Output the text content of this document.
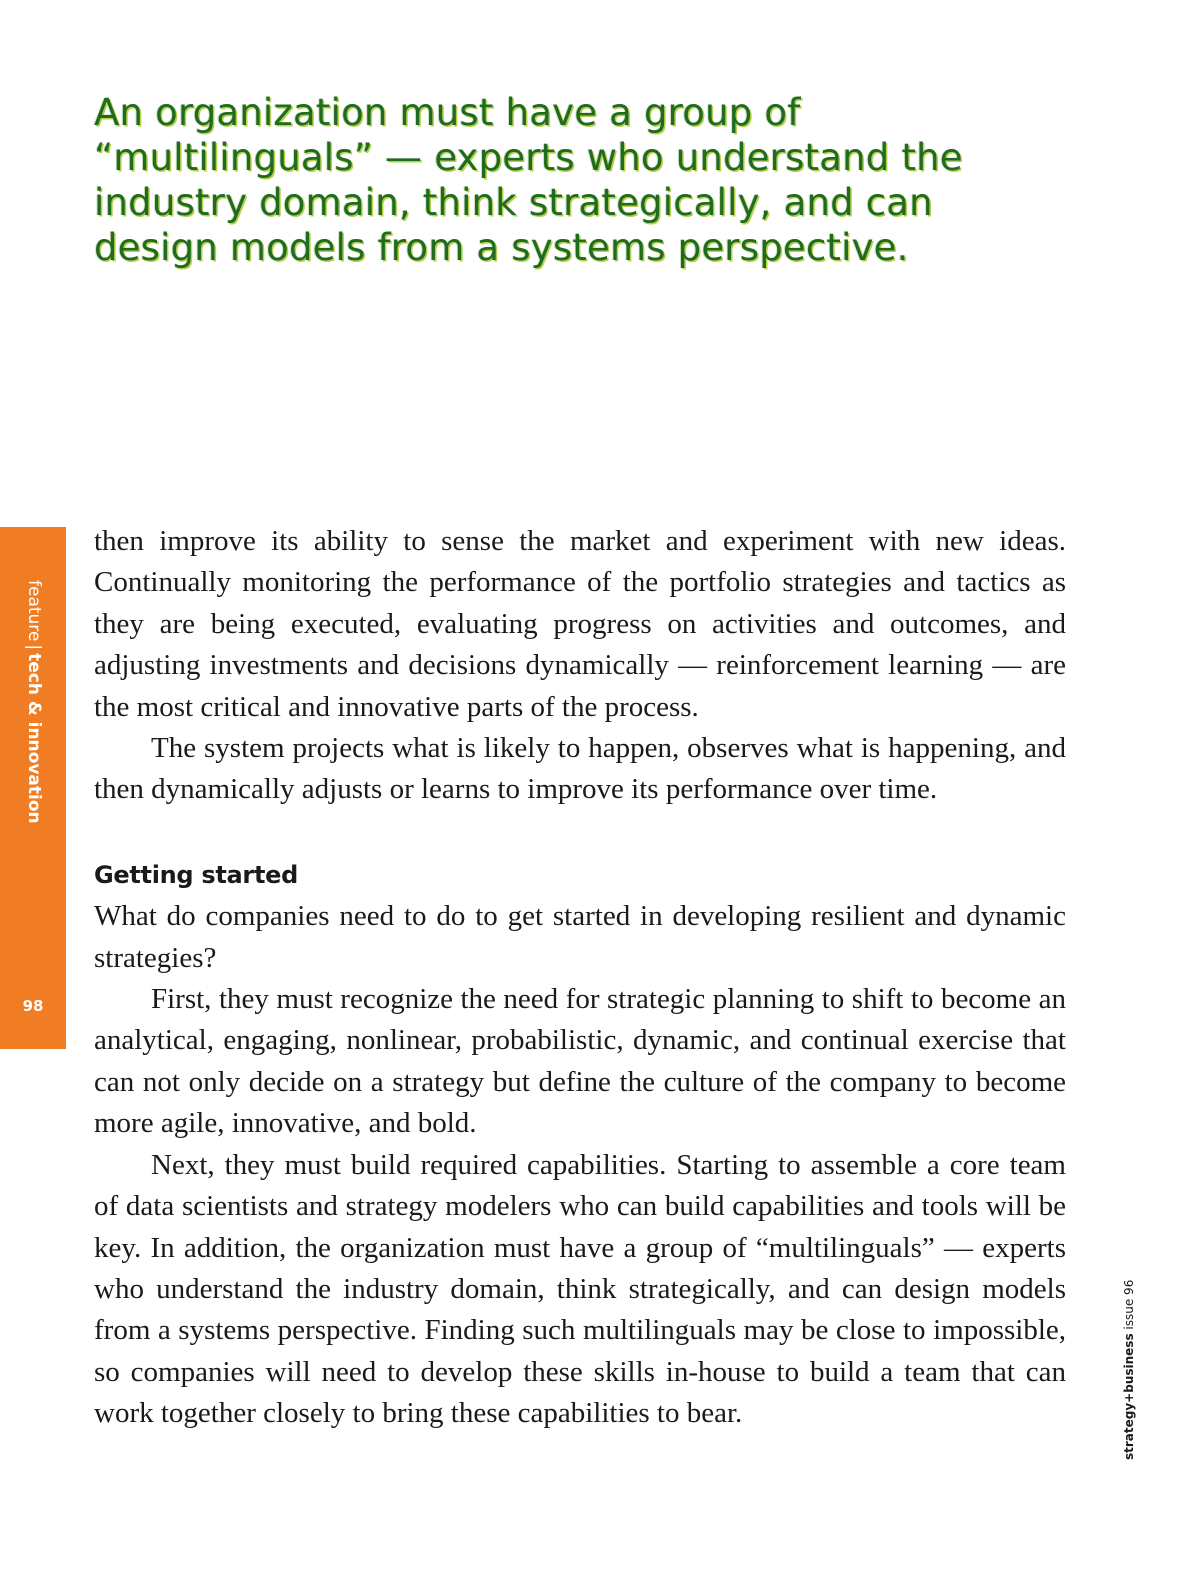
An organization must have a group of “multilinguals” — experts who understand the industry domain, think strategically, and can design models from a systems perspective.

feature|tech & innovation
98

then improve its ability to sense the market and experiment with new ideas. Continually monitoring the performance of the portfolio strategies and tactics as they are being executed, evaluating progress on activities and outcomes, and adjusting investments and decisions dynamically — reinforcement learning — are the most critical and innovative parts of the process.

The system projects what is likely to happen, observes what is happening, and then dynamically adjusts or learns to improve its performance over time.

Getting started

What do companies need to do to get started in developing resilient and dynamic strategies?

First, they must recognize the need for strategic planning to shift to become an analytical, engaging, nonlinear, probabilistic, dynamic, and continual exercise that can not only decide on a strategy but define the culture of the company to become more agile, innovative, and bold.

Next, they must build required capabilities. Starting to assemble a core team of data scientists and strategy modelers who can build capabilities and tools will be key. In addition, the organization must have a group of “multilinguals” — experts who understand the industry domain, think strategically, and can design models from a systems perspective. Finding such multilinguals may be close to impossible, so companies will need to develop these skills in-house to build a team that can work together closely to bring these capabilities to bear.	strategy+business issue 96
